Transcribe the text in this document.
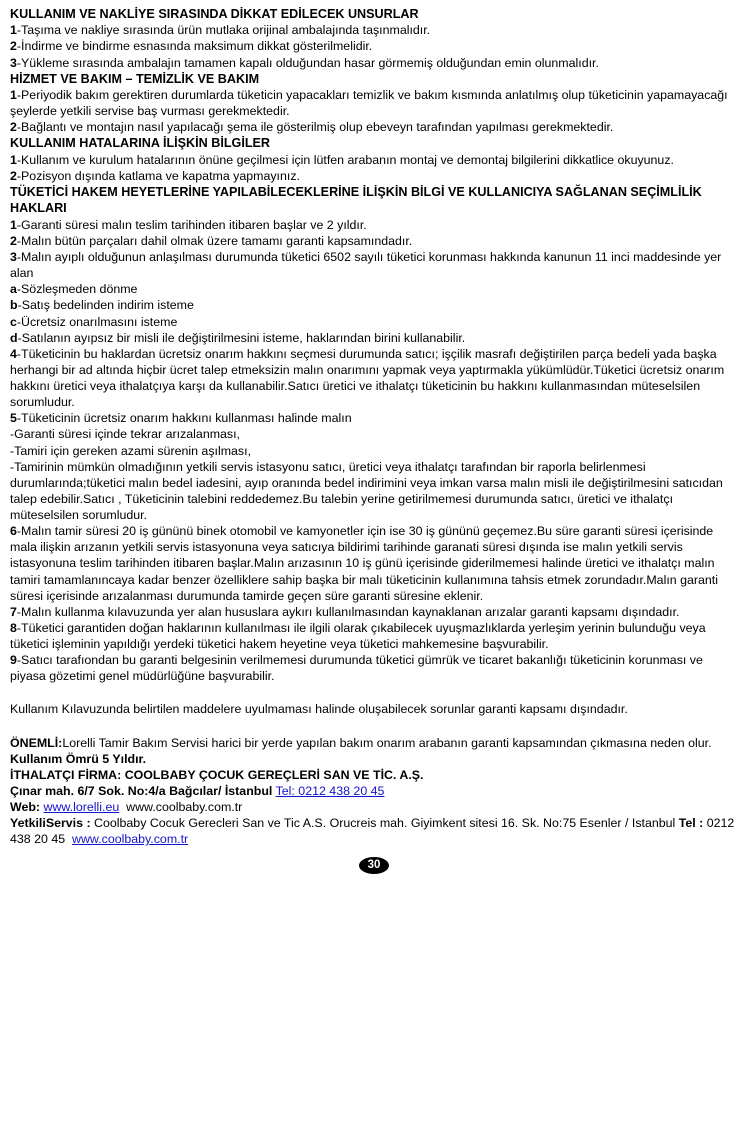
KULLANIM VE NAKLİYE SIRASINDA DİKKAT EDİLECEK UNSURLAR

1-Taşıma ve nakliye sırasında ürün mutlaka orijinal ambalajında taşınmalıdır.

2-İndirme ve bindirme esnasında maksimum dikkat gösterilmelidir.

3-Yükleme sırasında ambalajın tamamen kapalı olduğundan hasar görmemiş olduğundan emin olunmalıdır.

HİZMET VE BAKIM – TEMİZLİK VE BAKIM

1-Periyodik bakım gerektiren durumlarda tüketicin yapacakları temizlik ve bakım kısmında anlatılmış olup tüketicinin yapamayacağı şeylerde yetkili servise baş vurması gerekmektedir.

2-Bağlantı ve montajın nasıl yapılacağı şema ile gösterilmiş olup ebeveyn tarafından yapılması gerekmektedir.

KULLANIM HATALARINA İLİŞKİN BİLGİLER

1-Kullanım ve kurulum hatalarının önüne geçilmesi için lütfen arabanın montaj ve demontaj bilgilerini dikkatlice okuyunuz.

2-Pozisyon dışında katlama ve kapatma yapmayınız.

TÜKETİCİ HAKEM HEYETLERİNE YAPILABİLECEKLERİNE İLİŞKİN BİLGİ VE KULLANICIYA SAĞLANAN SEÇİMLİLİK HAKLARI

1-Garanti süresi malın teslim tarihinden itibaren başlar ve 2 yıldır.

2-Malın bütün parçaları dahil olmak üzere tamamı garanti kapsamındadır.

3-Malın ayıplı olduğunun anlaşılması durumunda tüketici 6502 sayılı tüketici korunması hakkında kanunun 11 inci maddesinde yer alan

a-Sözleşmeden dönme

b-Satış bedelinden indirim isteme

c-Ücretsiz onarılmasını isteme

d-Satılanın ayıpsız bir misli ile değiştirilmesini isteme, haklarından birini kullanabilir.

4-Tüketicinin bu haklardan ücretsiz onarım hakkını seçmesi durumunda satıcı; işçilik masrafı değiştirilen parça bedeli yada başka herhangi bir ad altında hiçbir ücret talep etmeksizin malın onarımını yapmak veya yaptırmakla yükümlüdür.Tüketici ücretsiz onarım hakkını üretici veya ithalatçıya karşı da kullanabilir.Satıcı üretici ve ithalatçı tüketicinin bu hakkını kullanmasından müteselsilen sorumludur.

5-Tüketicinin ücretsiz onarım hakkını kullanması halinde malın

-Garanti süresi içinde tekrar arızalanması,

-Tamiri için gereken azami sürenin aşılması,

-Tamirinin mümkün olmadığının yetkili servis istasyonu satıcı, üretici veya ithalatçı tarafından bir raporla belirlenmesi durumlarında;tüketici malın bedel iadesini, ayıp oranında bedel indirimini veya imkan varsa malın misli ile değiştirilmesini satıcıdan talep edebilir.Satıcı , Tüketicinin talebini reddedemez.Bu talebin yerine getirilmemesi durumunda satıcı, üretici ve ithalatçı müteselsilen sorumludur.

6-Malın tamir süresi 20 iş gününü binek otomobil ve kamyonetler için ise 30 iş gününü geçemez.Bu süre garanti süresi içerisinde mala ilişkin arızanın yetkili servis istasyonuna veya satıcıya bildirimi tarihinde garanati süresi dışında ise malın yetkili servis istasyonuna teslim tarihinden itibaren başlar.Malın arızasının 10 iş günü içerisinde giderilmemesi halinde üretici ve ithalatçı malın tamiri tamamlanıncaya kadar benzer özelliklere sahip başka bir malı tüketicinin kullanımına tahsis etmek zorundadır.Malın garanti süresi içerisinde arızalanması durumunda tamirde geçen süre garanti süresine eklenir.

7-Malın kullanma kılavuzunda yer alan hususlara aykırı kullanılmasından kaynaklanan arızalar garanti kapsamı dışındadır.

8-Tüketici garantiden doğan haklarının kullanılması ile ilgili olarak çıkabilecek uyuşmazlıklarda yerleşim yerinin bulunduğu veya tüketici işleminin yapıldığı yerdeki tüketici hakem heyetine veya tüketici mahkemesine başvurabilir.

9-Satıcı tarafıondan bu garanti belgesinin verilmemesi durumunda tüketici gümrük ve ticaret bakanlığı tüketicinin korunması ve piyasa gözetimi genel müdürlüğüne başvurabilir.

Kullanım Kılavuzunda belirtilen maddelere uyulmaması halinde oluşabilecek sorunlar garanti kapsamı dışındadır.

ÖNEMLİ:Lorelli Tamir Bakım Servisi harici bir yerde yapılan bakım onarım arabanın garanti kapsamından çıkmasına neden olur.

Kullanım Ömrü 5 Yıldır.

İTHALATÇI FİRMA: COOLBABY ÇOCUK GEREÇLERİ SAN VE TİC. A.Ş.

Çınar mah. 6/7 Sok. No:4/a Bağcılar/ İstanbul Tel: 0212 438 20 45

Web: www.lorelli.eu www.coolbaby.com.tr

YetkiliServis : Coolbaby Cocuk Gerecleri San ve Tic A.S. Orucreis mah. Giyimkent sitesi 16. Sk. No:75 Esenler / Istanbul Tel : 0212 438 20 45 www.coolbaby.com.tr

30
